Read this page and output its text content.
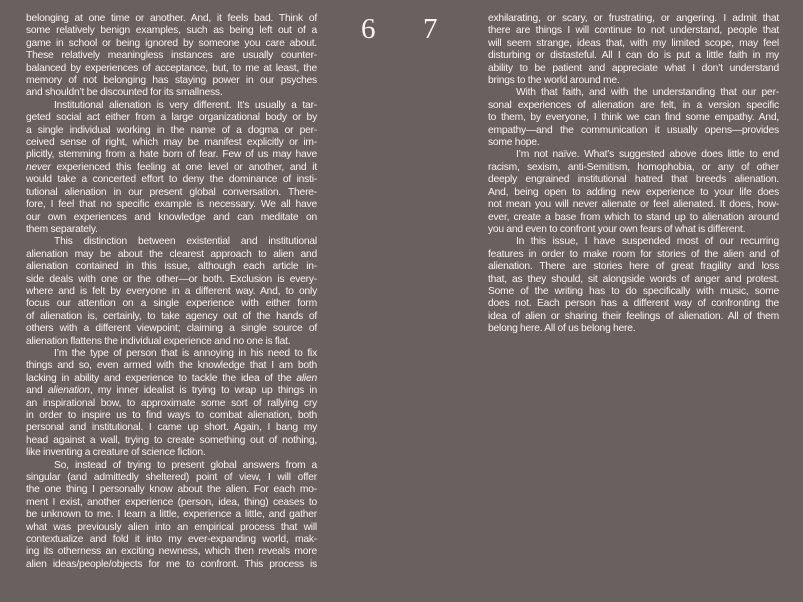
6 7
belonging at one time or another. And, it feels bad. Think of
some relatively benign examples, such as being left out of a
game in school or being ignored by someone you care about.
These relatively meaningless instances are usually counter-
balanced by experiences of acceptance, but, to me at least, the
memory of not belonging has staying power in our psyches
and shouldn’t be discounted for its smallness.
Institutional alienation is very different. It’s usually a tar-
geted social act either from a large organizational body or by
a single individual working in the name of a dogma or per-
ceived sense of right, which may be manifest explicitly or im-
plicitly, stemming from a hate born of fear. Few of us may have
never experienced this feeling at one level or another, and it
would take a concerted effort to deny the dominance of insti-
tutional alienation in our present global conversation. There-
fore, I feel that no specific example is necessary. We all have
our own experiences and knowledge and can meditate on
them separately.
This distinction between existential and institutional
alienation may be about the clearest approach to alien and
alienation contained in this issue, although each article in-
side deals with one or the other—or both. Exclusion is every-
where and is felt by everyone in a different way. And, to only
focus our attention on a single experience with either form
of alienation is, certainly, to take agency out of the hands of
others with a different viewpoint; claiming a single source of
alienation flattens the individual experience and no one is flat.
I’m the type of person that is annoying in his need to fix
things and so, even armed with the knowledge that I am both
lacking in ability and experience to tackle the idea of the alien
and alienation, my inner idealist is trying to wrap up things in
an inspirational bow, to approximate some sort of rallying cry
in order to inspire us to find ways to combat alienation, both
personal and institutional. I came up short. Again, I bang my
head against a wall, trying to create something out of nothing,
like inventing a creature of science fiction.
So, instead of trying to present global answers from a
singular (and admittedly sheltered) point of view, I will offer
the one thing I personally know about the alien. For each mo-
ment I exist, another experience (person, idea, thing) ceases to
be unknown to me. I learn a little, experience a little, and gather
what was previously alien into an empirical process that will
contextualize and fold it into my ever-expanding world, mak-
ing its otherness an exciting newness, which then reveals more
alien ideas/people/objects for me to confront. This process is
exhilarating, or scary, or frustrating, or angering. I admit that
there are things I will continue to not understand, people that
will seem strange, ideas that, with my limited scope, may feel
disturbing or distasteful. All I can do is put a little faith in my
ability to be patient and appreciate what I don’t understand
brings to the world around me.
With that faith, and with the understanding that our per-
sonal experiences of alienation are felt, in a version specific
to them, by everyone, I think we can find some empathy. And,
empathy—and the communication it usually opens—provides
some hope.
I’m not naïve. What’s suggested above does little to end
racism, sexism, anti-Semitism, homophobia, or any of other
deeply engrained institutional hatred that breeds alienation.
And, being open to adding new experience to your life does
not mean you will never alienate or feel alienated. It does, how-
ever, create a base from which to stand up to alienation around
you and even to confront your own fears of what is different.
In this issue, I have suspended most of our recurring
features in order to make room for stories of the alien and of
alienation. There are stories here of great fragility and loss
that, as they should, sit alongside words of anger and protest.
Some of the writing has to do specifically with music, some
does not. Each person has a different way of confronting the
idea of alien or sharing their feelings of alienation. All of them
belong here. All of us belong here.
